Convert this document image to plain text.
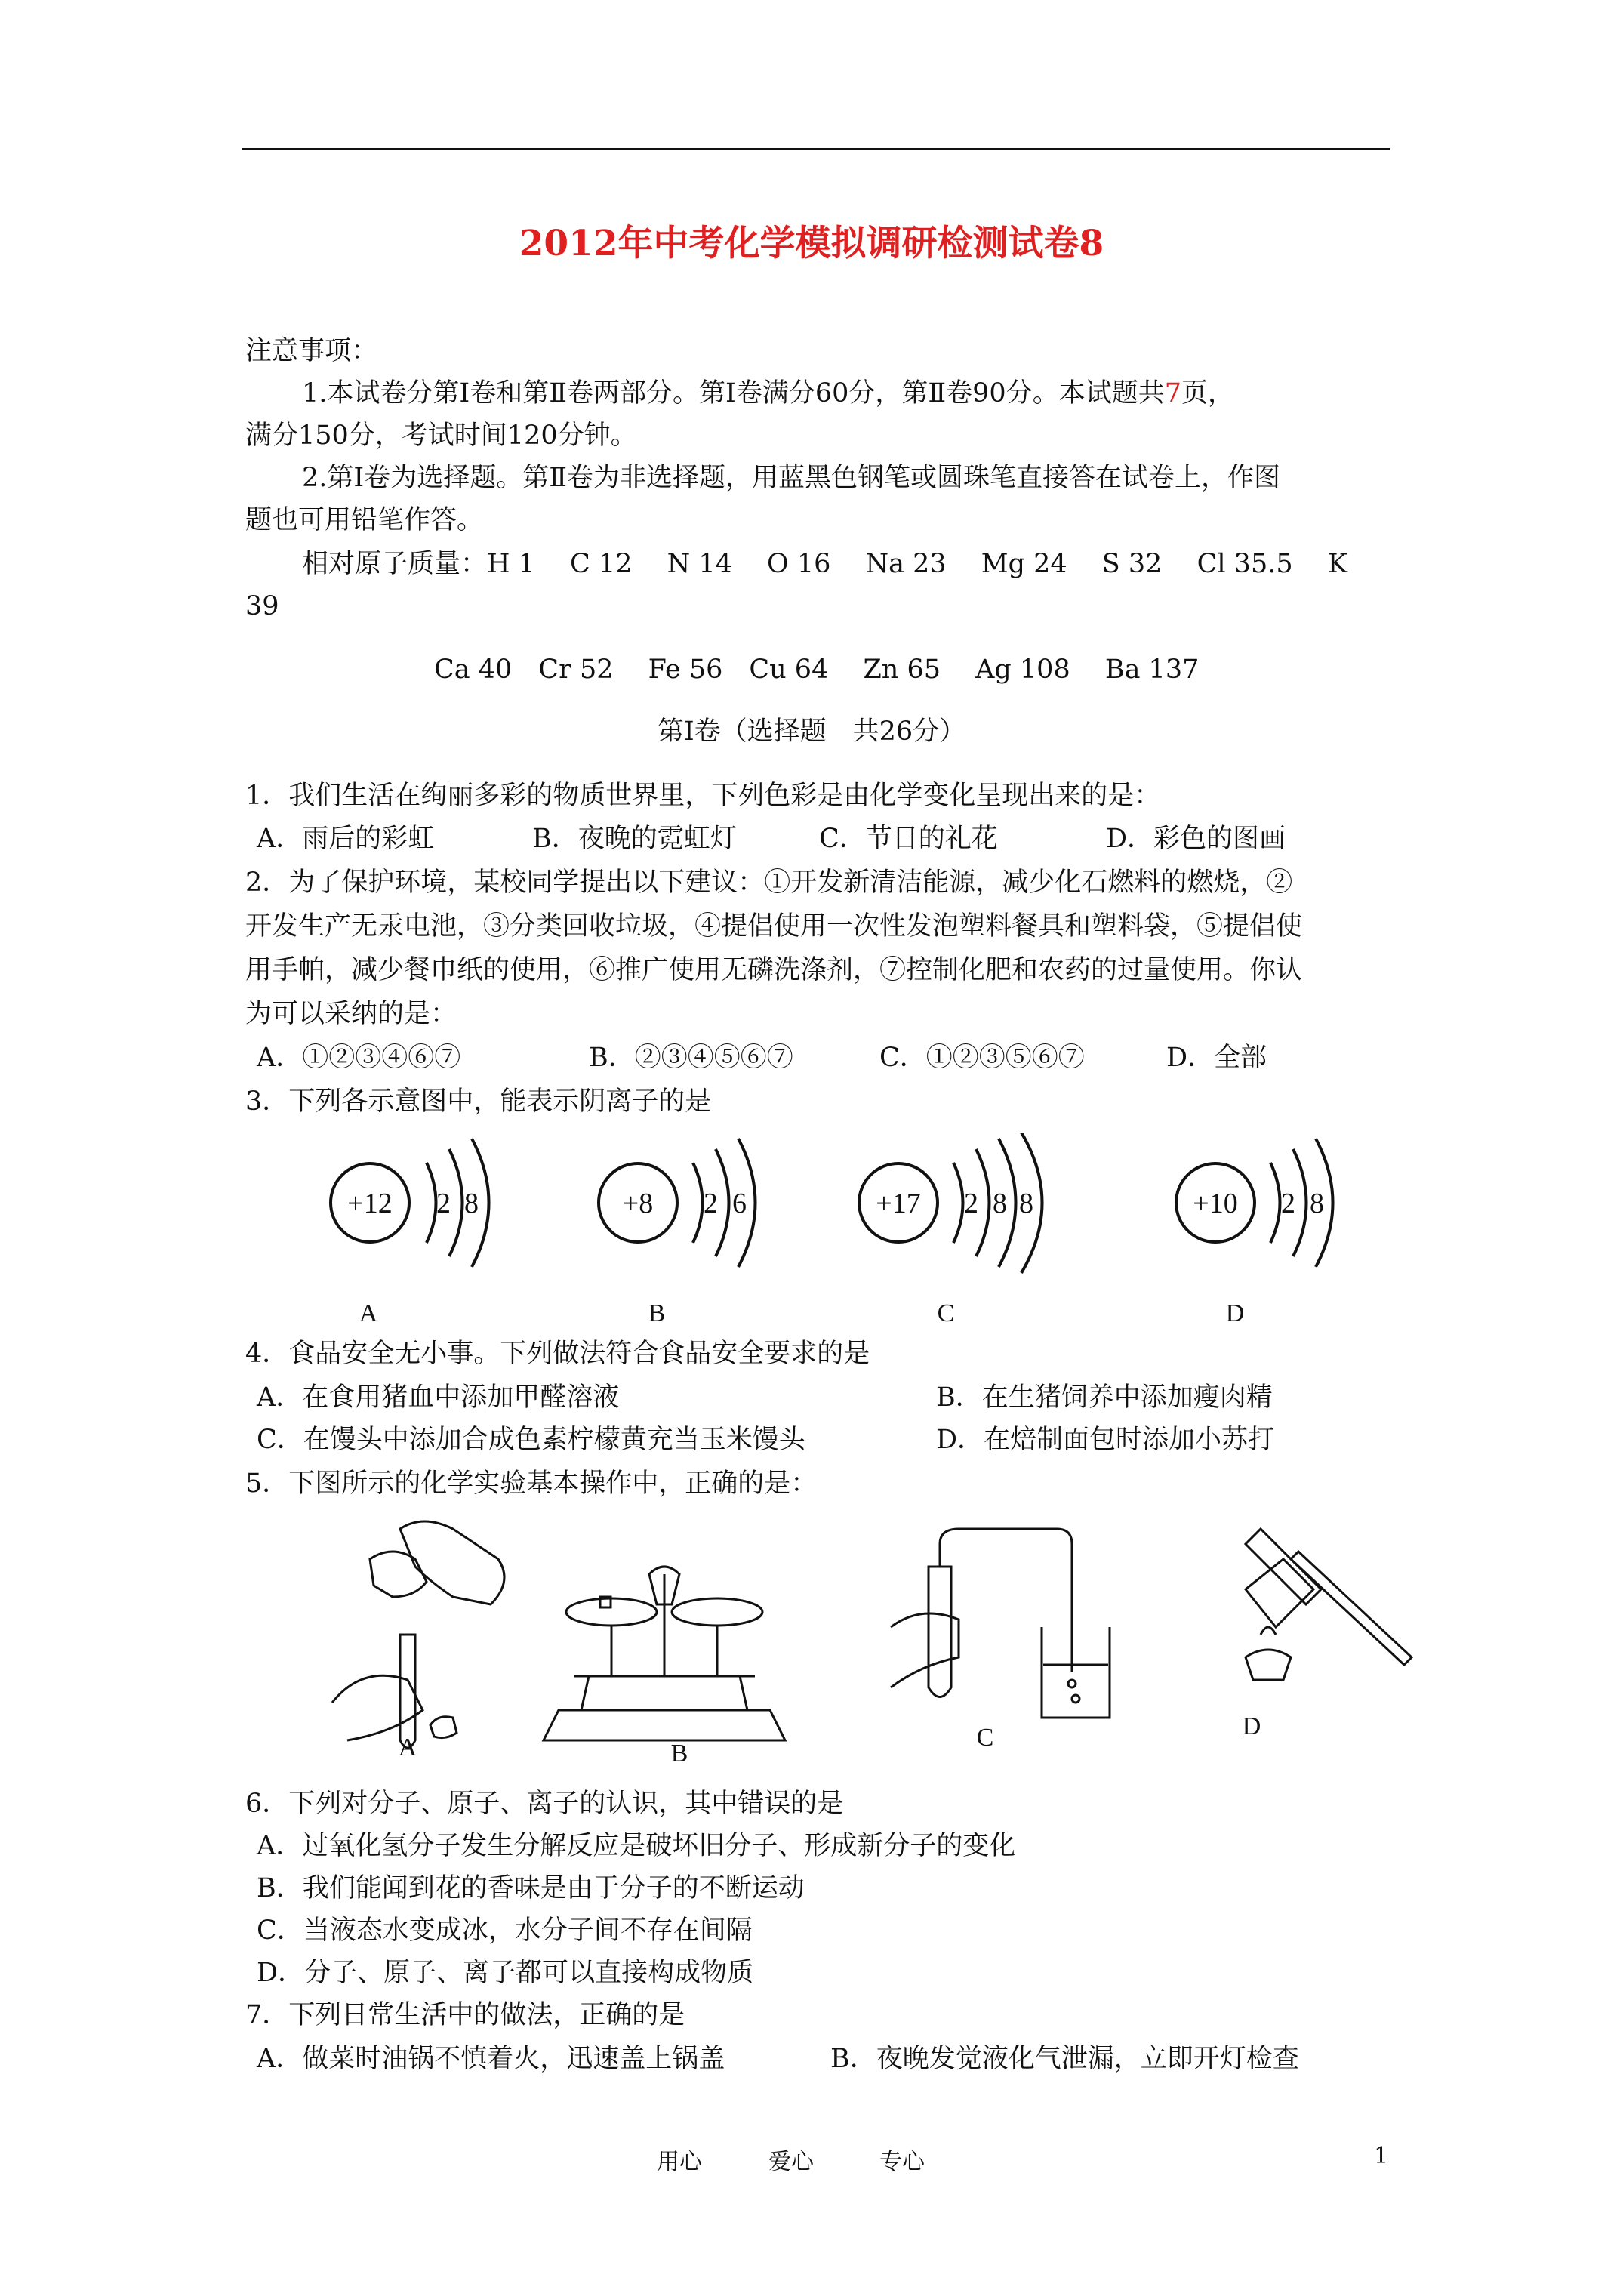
2012年中考化学模拟调研检测试卷8
注意事项：
1.本试卷分第Ⅰ卷和第Ⅱ卷两部分。第Ⅰ卷满分60分，第Ⅱ卷90分。本试题共7页，
满分150分，考试时间120分钟。
2.第Ⅰ卷为选择题。第Ⅱ卷为非选择题，用蓝黑色钢笔或圆珠笔直接答在试卷上，作图
题也可用铅笔作答。
相对原子质量：H 1　 C 12　 N 14　 O 16　 Na 23　 Mg 24　 S 32　 Cl 35.5　 K
39
Ca 40　Cr 52　 Fe 56　Cu 64　 Zn 65　 Ag 108　 Ba 137
第Ⅰ卷（选择题　共26分）
1．我们生活在绚丽多彩的物质世界里，下列色彩是由化学变化呈现出来的是：
A．雨后的彩虹	B．夜晚的霓虹灯	C．节日的礼花	D．彩色的图画
2．为了保护环境，某校同学提出以下建议：①开发新清洁能源，减少化石燃料的燃烧，②
开发生产无汞电池，③分类回收垃圾，④提倡使用一次性发泡塑料餐具和塑料袋，⑤提倡使
用手帕，减少餐巾纸的使用，⑥推广使用无磷洗涤剂，⑦控制化肥和农药的过量使用。你认
为可以采纳的是：
A．①②③④⑥⑦	B．②③④⑤⑥⑦	C．①②③⑤⑥⑦	D．全部
3．下列各示意图中，能表示阴离子的是
+12 2 8	+8 2 6	+17 2 8 8	+10 2 8
A	B	C	D
4．食品安全无小事。下列做法符合食品安全要求的是
A．在食用猪血中添加甲醛溶液	B．在生猪饲养中添加瘦肉精
C．在馒头中添加合成色素柠檬黄充当玉米馒头	D．在焙制面包时添加小苏打
5．下图所示的化学实验基本操作中，正确的是：
A	B
C	D
6．下列对分子、原子、离子的认识，其中错误的是
A．过氧化氢分子发生分解反应是破坏旧分子、形成新分子的变化
B．我们能闻到花的香味是由于分子的不断运动
C．当液态水变成冰，水分子间不存在间隔
D．分子、原子、离子都可以直接构成物质
7．下列日常生活中的做法，正确的是
A．做菜时油锅不慎着火，迅速盖上锅盖	B．夜晚发觉液化气泄漏，立即开灯检查
用心	爱心	专心	1
